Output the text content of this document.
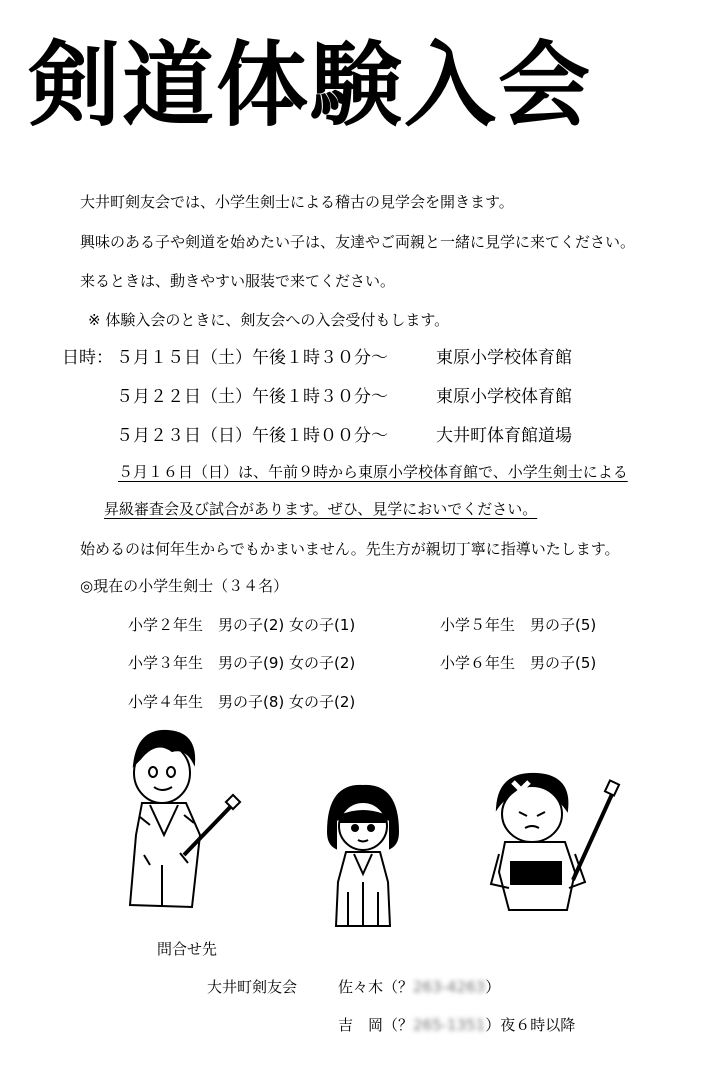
剣道体験入会
大井町剣友会では、小学生剣士による稽古の見学会を開きます。
興味のある子や剣道を始めたい子は、友達やご両親と一緒に見学に来てください。
来るときは、動きやすい服装で来てください。
※ 体験入会のときに、剣友会への入会受付もします。
日時： ５月１５日（土）午後１時３０分～	東原小学校体育館
５月２２日（土）午後１時３０分～	東原小学校体育館
５月２３日（日）午後１時００分～	大井町体育館道場
５月１６日（日）は、午前９時から東原小学校体育館で、小学生剣士による
昇級審査会及び試合があります。ぜひ、見学においでください。
始めるのは何年生からでもかまいません。先生方が親切丁寧に指導いたします。
◎現在の小学生剣士（３４名）
小学２年生　男の子(2) 女の子(1)
小学３年生　男の子(9) 女の子(2)
小学４年生　男の子(8) 女の子(2)
小学５年生　男の子(5)
小学６年生　男の子(5)
問合せ先
大井町剣友会	佐々木（？263-4263）
吉　岡（？265-1351）夜６時以降
